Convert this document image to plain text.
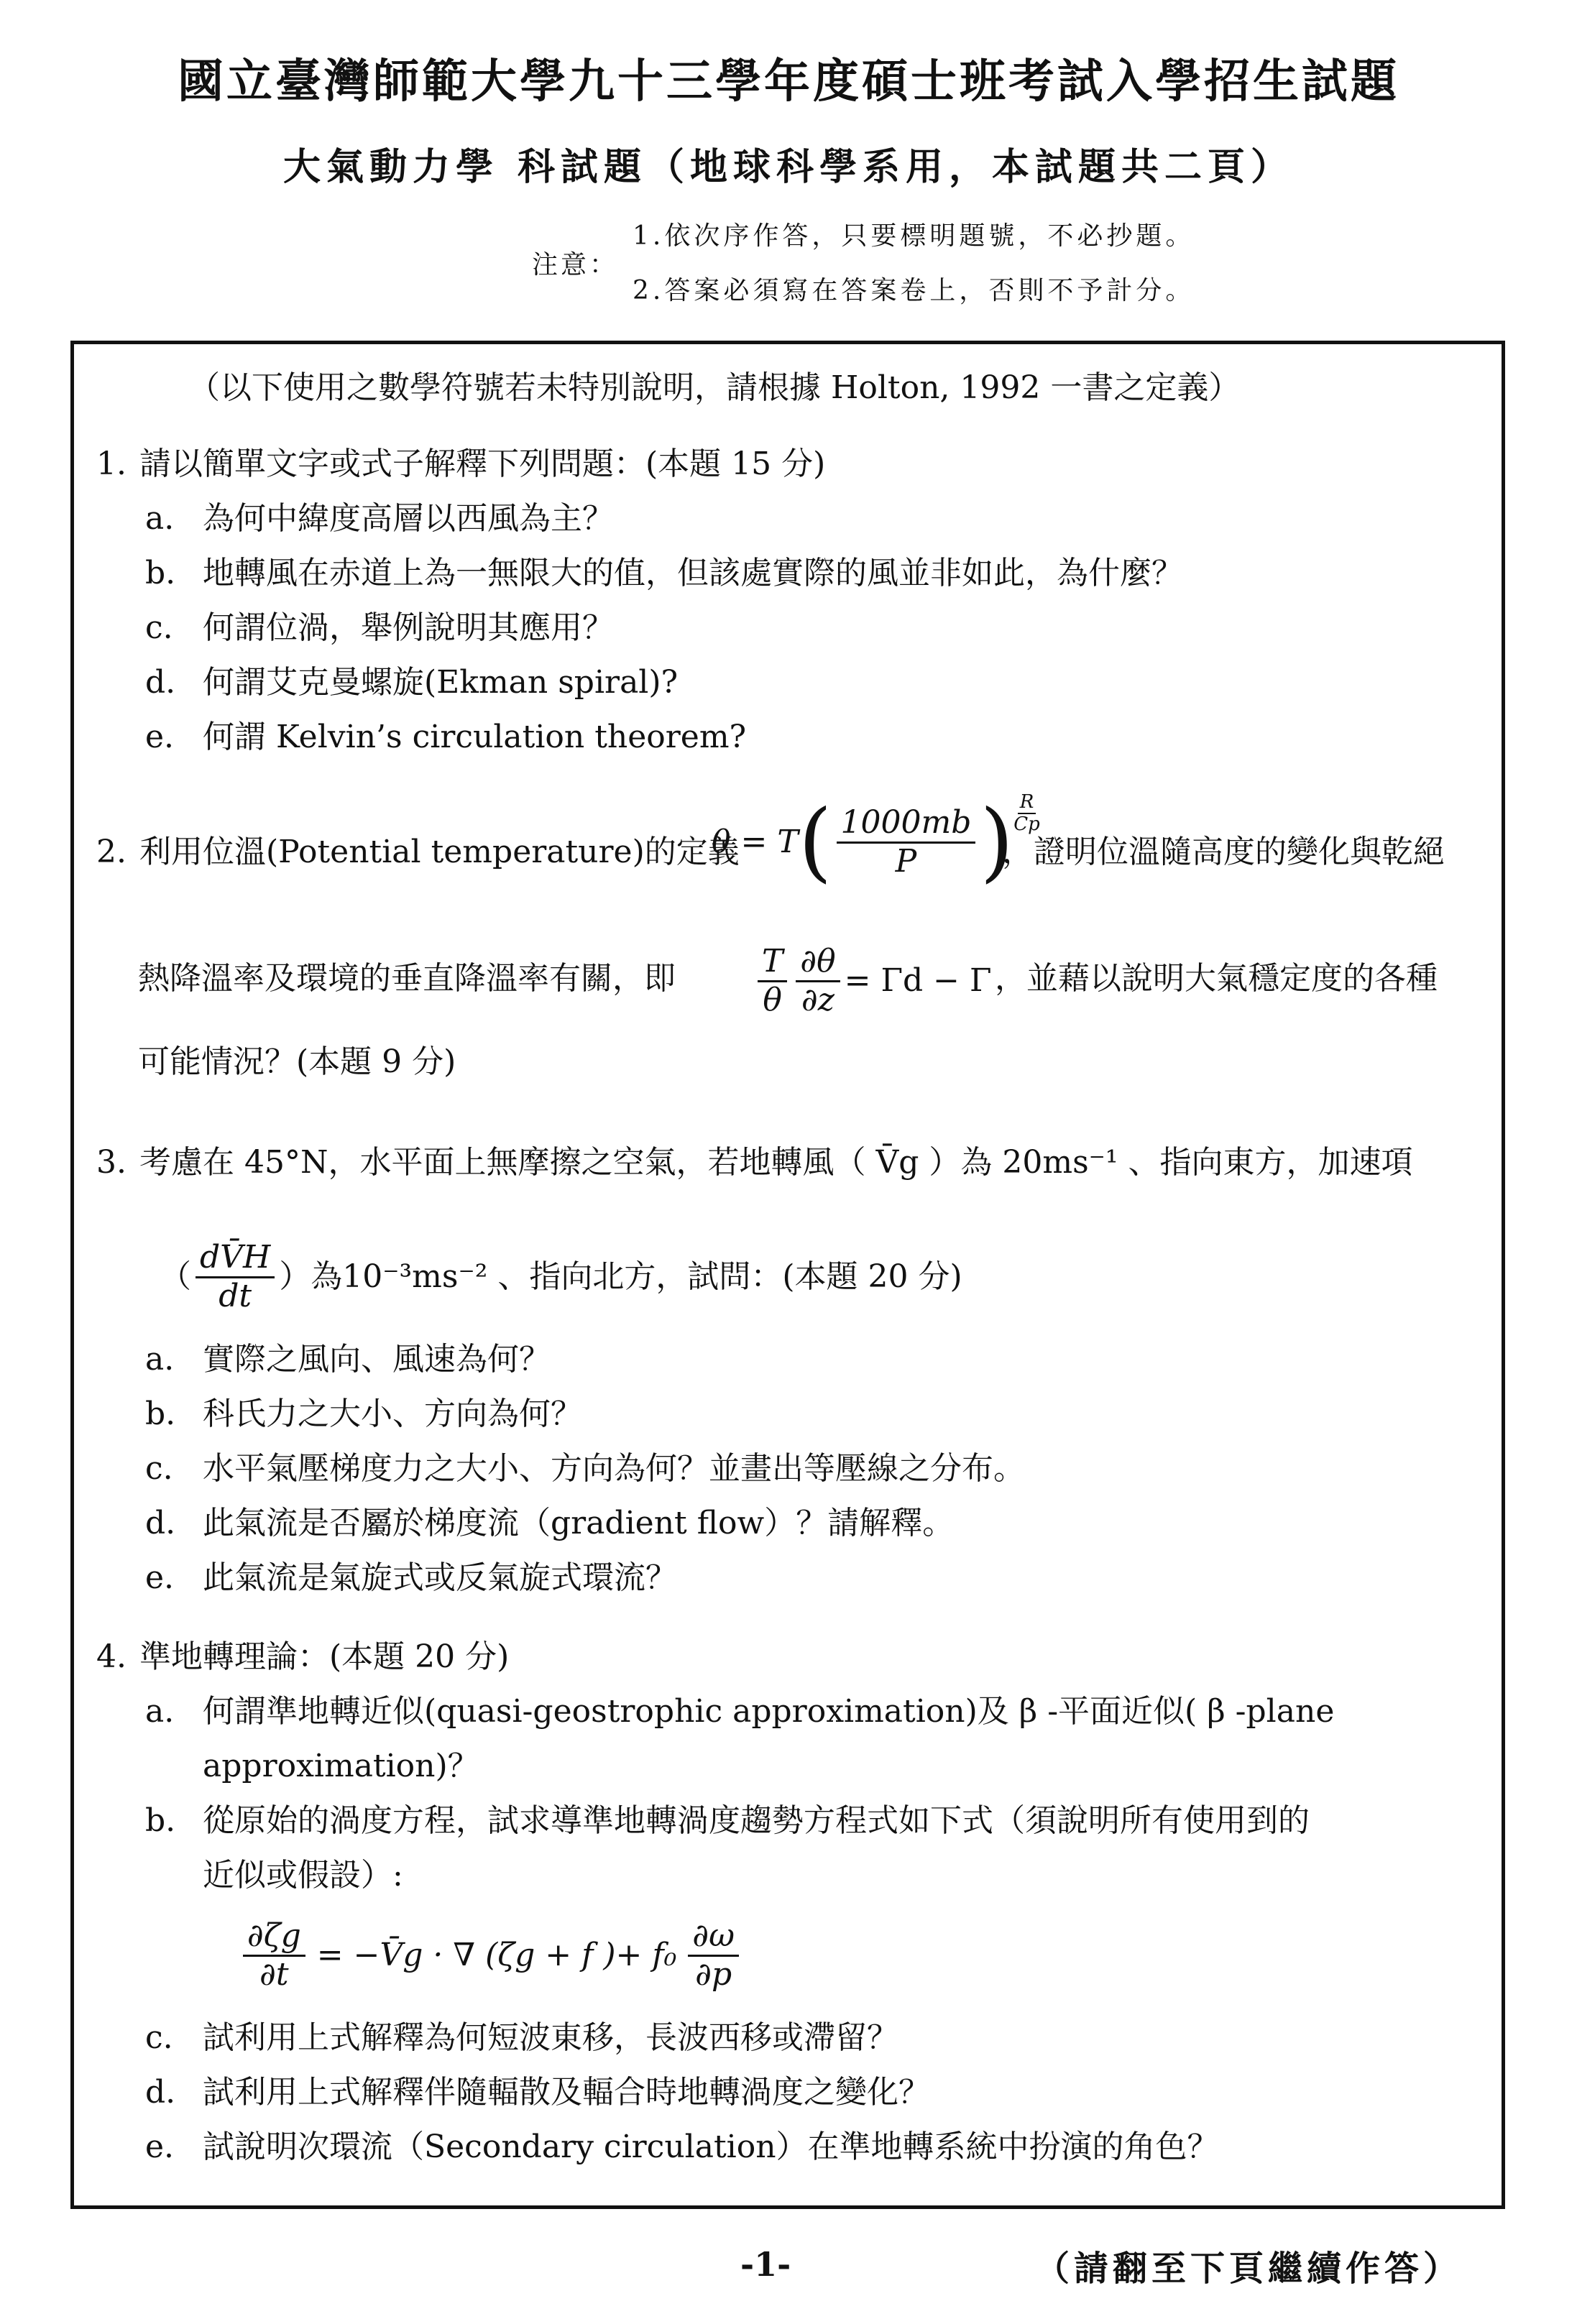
國立臺灣師範大學九十三學年度碩士班考試入學招生試題
大氣動力學 科試題（地球科學系用，本試題共二頁）
注意：
1.依次序作答，只要標明題號，不必抄題。
2.答案必須寫在答案卷上，否則不予計分。
（以下使用之數學符號若未特別說明，請根據 Holton, 1992 一書之定義）
1. 請以簡單文字或式子解釋下列問題：(本題 15 分)
a. 為何中緯度高層以西風為主？
b. 地轉風在赤道上為一無限大的值，但該處實際的風並非如此，為什麼？
c. 何謂位渦，舉例說明其應用？
d. 何謂艾克曼螺旋(Ekman spiral)?
e. 何謂 Kelvin’s circulation theorem?
2. 利用位溫(Potential temperature)的定義
θ = T ( $\frac{1000mb}{P}$ ) $\frac{R}{Cp}$
，證明位溫隨高度的變化與乾絕
熱降溫率及環境的垂直降溫率有關，即	$\frac{T}{\theta} \frac{\partial\theta}{\partial z} = \Gamma d - \Gamma$ ，並藉以說明大氣穩定度的各種
可能情況？(本題 9 分)
3. 考慮在 45°N，水平面上無摩擦之空氣，若地轉風（ V̄g ）為 20ms⁻¹ 、指向東方，加速項
（ $\frac{dV̄H}{dt}$ ）為10⁻³ms⁻² 、指向北方，試問：(本題 20 分)
a. 實際之風向、風速為何？
b. 科氏力之大小、方向為何？
c. 水平氣壓梯度力之大小、方向為何？並畫出等壓線之分布。
d. 此氣流是否屬於梯度流（gradient flow）？請解釋。
e. 此氣流是氣旋式或反氣旋式環流？
4. 準地轉理論：(本題 20 分)
a. 何謂準地轉近似(quasi-geostrophic approximation)及 β -平面近似( β -plane
approximation)？
b. 從原始的渦度方程，試求導準地轉渦度趨勢方程式如下式（須說明所有使用到的
近似或假設）:
$\frac{\partial\zeta g}{\partial t}$ = −V̄g · ∇ (ζg + f )+ $f_0 \frac{\partial\omega}{\partial p}$
c. 試利用上式解釋為何短波東移，長波西移或滯留？
d. 試利用上式解釋伴隨輻散及輻合時地轉渦度之變化？
e. 試說明次環流（Secondary circulation）在準地轉系統中扮演的角色？
-1-	（請翻至下頁繼續作答）
